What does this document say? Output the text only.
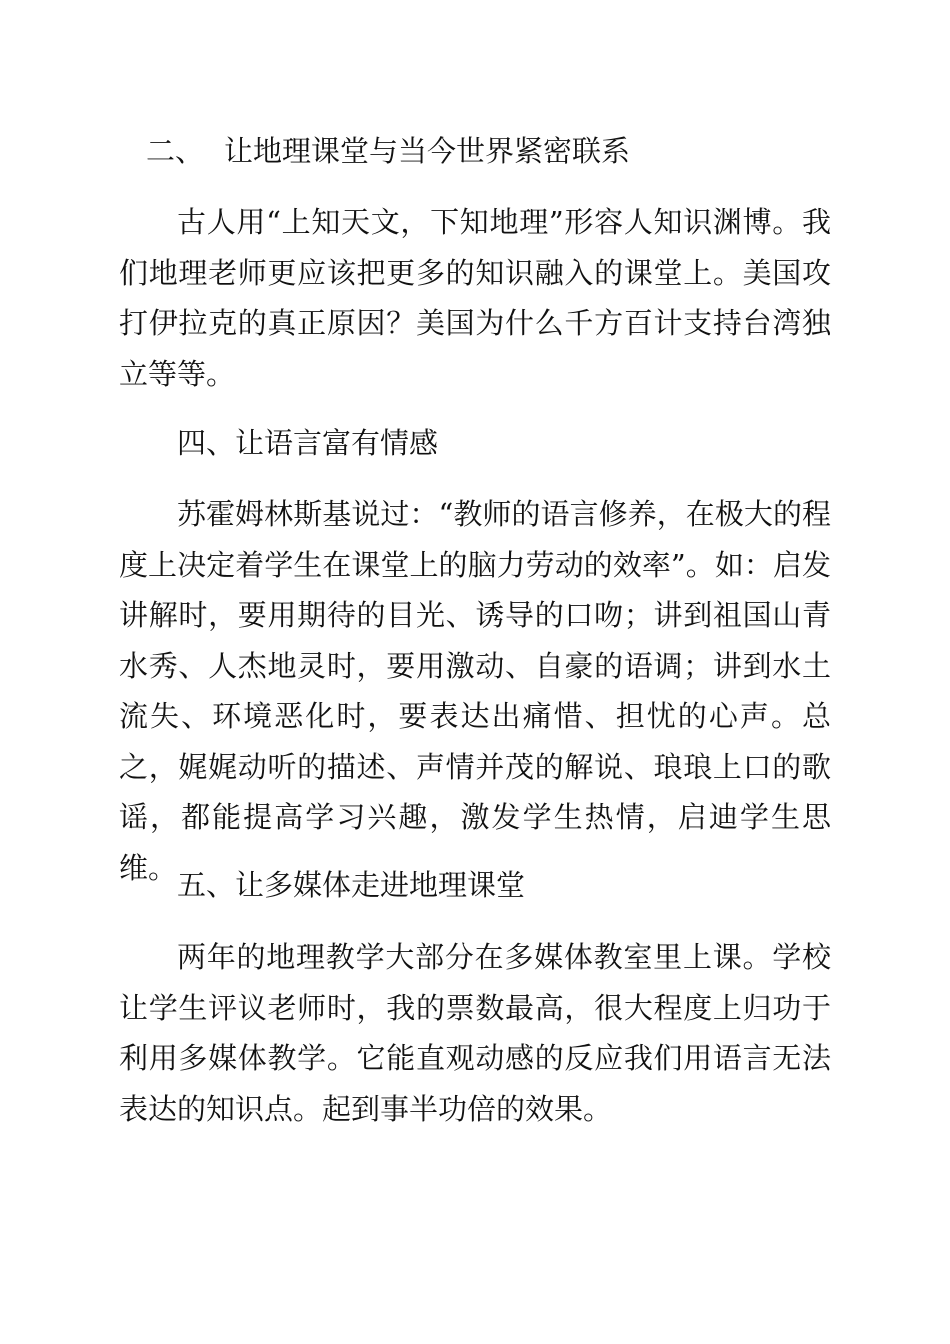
二、 让地理课堂与当今世界紧密联系

古人用“上知天文，下知地理”形容人知识渊博。我们地理老师更应该把更多的知识融入的课堂上。美国攻打伊拉克的真正原因？美国为什么千方百计支持台湾独立等等。

四、让语言富有情感

苏霍姆林斯基说过：“教师的语言修养，在极大的程度上决定着学生在课堂上的脑力劳动的效率”。如：启发讲解时，要用期待的目光、诱导的口吻；讲到祖国山青水秀、人杰地灵时，要用激动、自豪的语调；讲到水土流失、环境恶化时，要表达出痛惜、担忧的心声。总之，娓娓动听的描述、声情并茂的解说、琅琅上口的歌谣，都能提高学习兴趣，激发学生热情，启迪学生思维。

五、让多媒体走进地理课堂

两年的地理教学大部分在多媒体教室里上课。学校让学生评议老师时，我的票数最高，很大程度上归功于利用多媒体教学。它能直观动感的反应我们用语言无法表达的知识点。起到事半功倍的效果。
